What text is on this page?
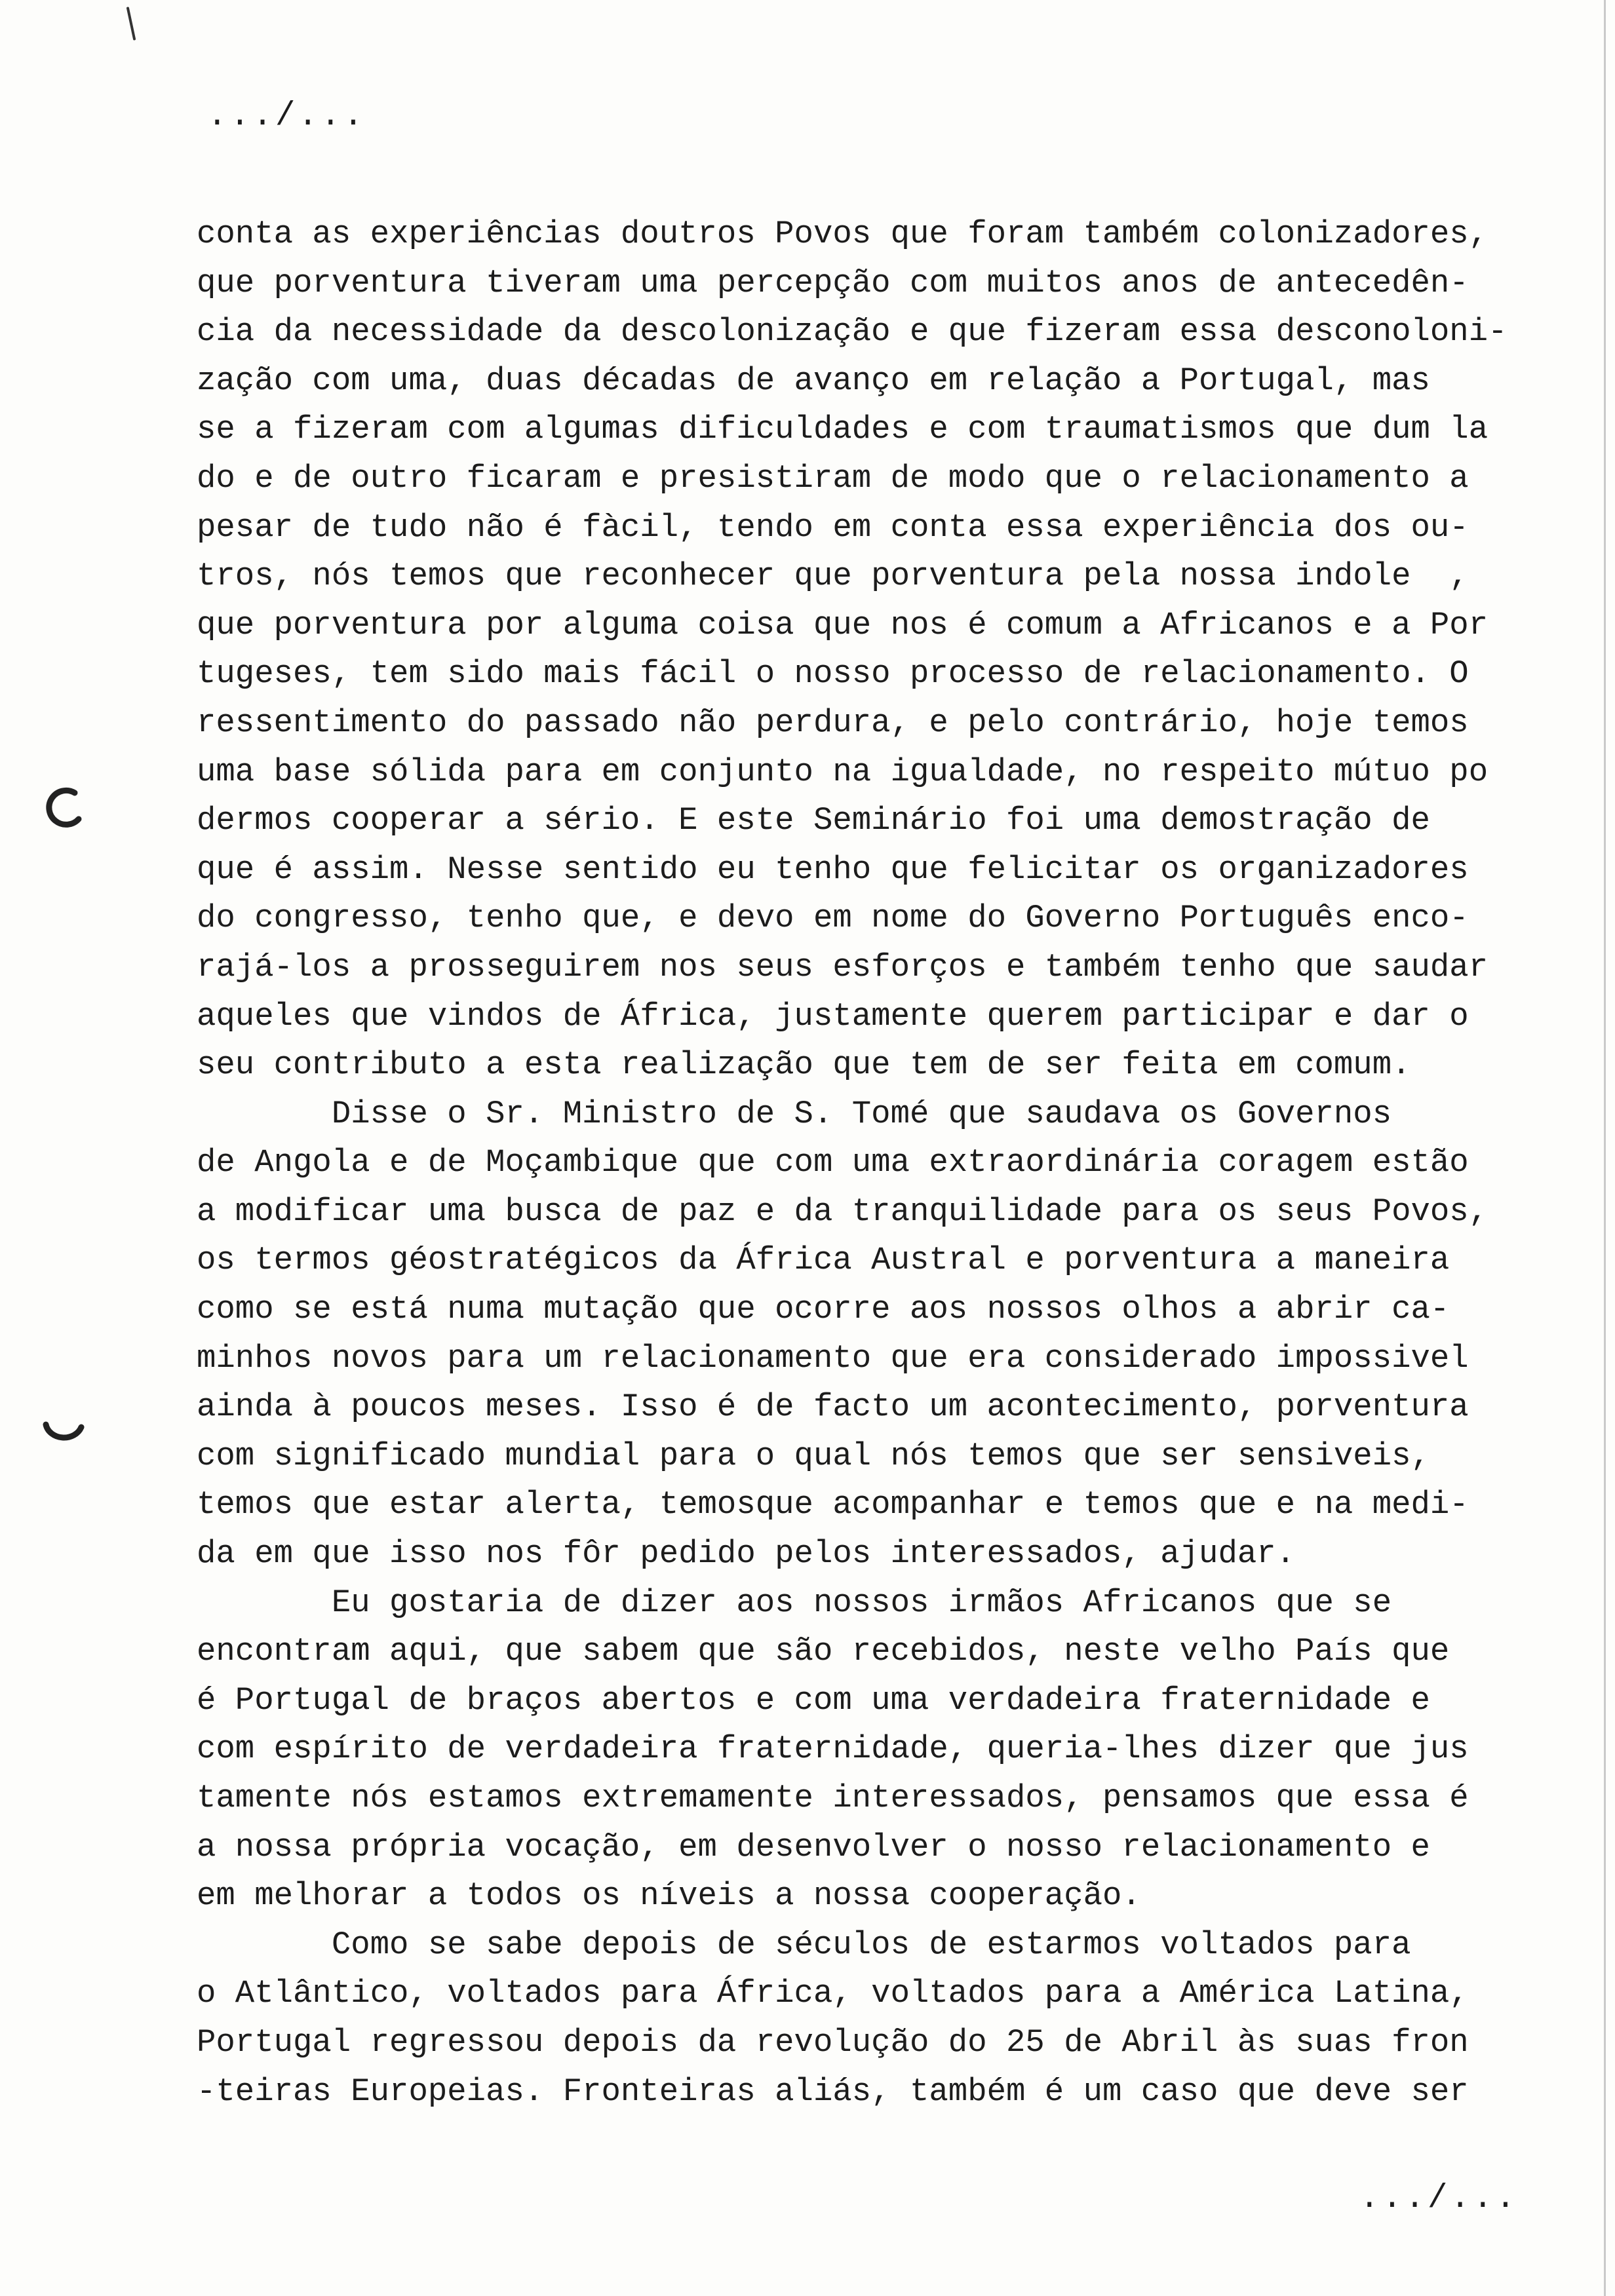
.../...
conta as experiências doutros Povos que foram também colonizadores,
que porventura tiveram uma percepção com muitos anos de antecedên-
cia da necessidade da descolonização e que fizeram essa desconoloni-
zação com uma, duas décadas de avanço em relação a Portugal, mas
se a fizeram com algumas dificuldades e com traumatismos que dum la
do e de outro ficaram e presistiram de modo que o relacionamento a
pesar de tudo não é fàcil, tendo em conta essa experiência dos ou-
tros, nós temos que reconhecer que porventura pela nossa indole  ,
que porventura por alguma coisa que nos é comum a Africanos e a Por
tugeses, tem sido mais fácil o nosso processo de relacionamento. O
ressentimento do passado não perdura, e pelo contrário, hoje temos
uma base sólida para em conjunto na igualdade, no respeito mútuo po
dermos cooperar a sério. E este Seminário foi uma demostração de
que é assim. Nesse sentido eu tenho que felicitar os organizadores
do congresso, tenho que, e devo em nome do Governo Português enco-
rajá-los a prosseguirem nos seus esforços e também tenho que saudar
aqueles que vindos de África, justamente querem participar e dar o
seu contributo a esta realização que tem de ser feita em comum.
Disse o Sr. Ministro de S. Tomé que saudava os Governos
de Angola e de Moçambique que com uma extraordinária coragem estão
a modificar uma busca de paz e da tranquilidade para os seus Povos,
os termos géostratégicos da África Austral e porventura a maneira
como se está numa mutação que ocorre aos nossos olhos a abrir ca-
minhos novos para um relacionamento que era considerado impossivel
ainda à poucos meses. Isso é de facto um acontecimento, porventura
com significado mundial para o qual nós temos que ser sensiveis,
temos que estar alerta, temosque acompanhar e temos que e na medi-
da em que isso nos fôr pedido pelos interessados, ajudar.
Eu gostaria de dizer aos nossos irmãos Africanos que se
encontram aqui, que sabem que são recebidos, neste velho País que
é Portugal de braços abertos e com uma verdadeira fraternidade e
com espírito de verdadeira fraternidade, queria-lhes dizer que jus
tamente nós estamos extremamente interessados, pensamos que essa é
a nossa própria vocação, em desenvolver o nosso relacionamento e
em melhorar a todos os níveis a nossa cooperação.
Como se sabe depois de séculos de estarmos voltados para
o Atlântico, voltados para África, voltados para a América Latina,
Portugal regressou depois da revolução do 25 de Abril às suas fron
-teiras Europeias. Fronteiras aliás, também é um caso que deve ser
.../...
